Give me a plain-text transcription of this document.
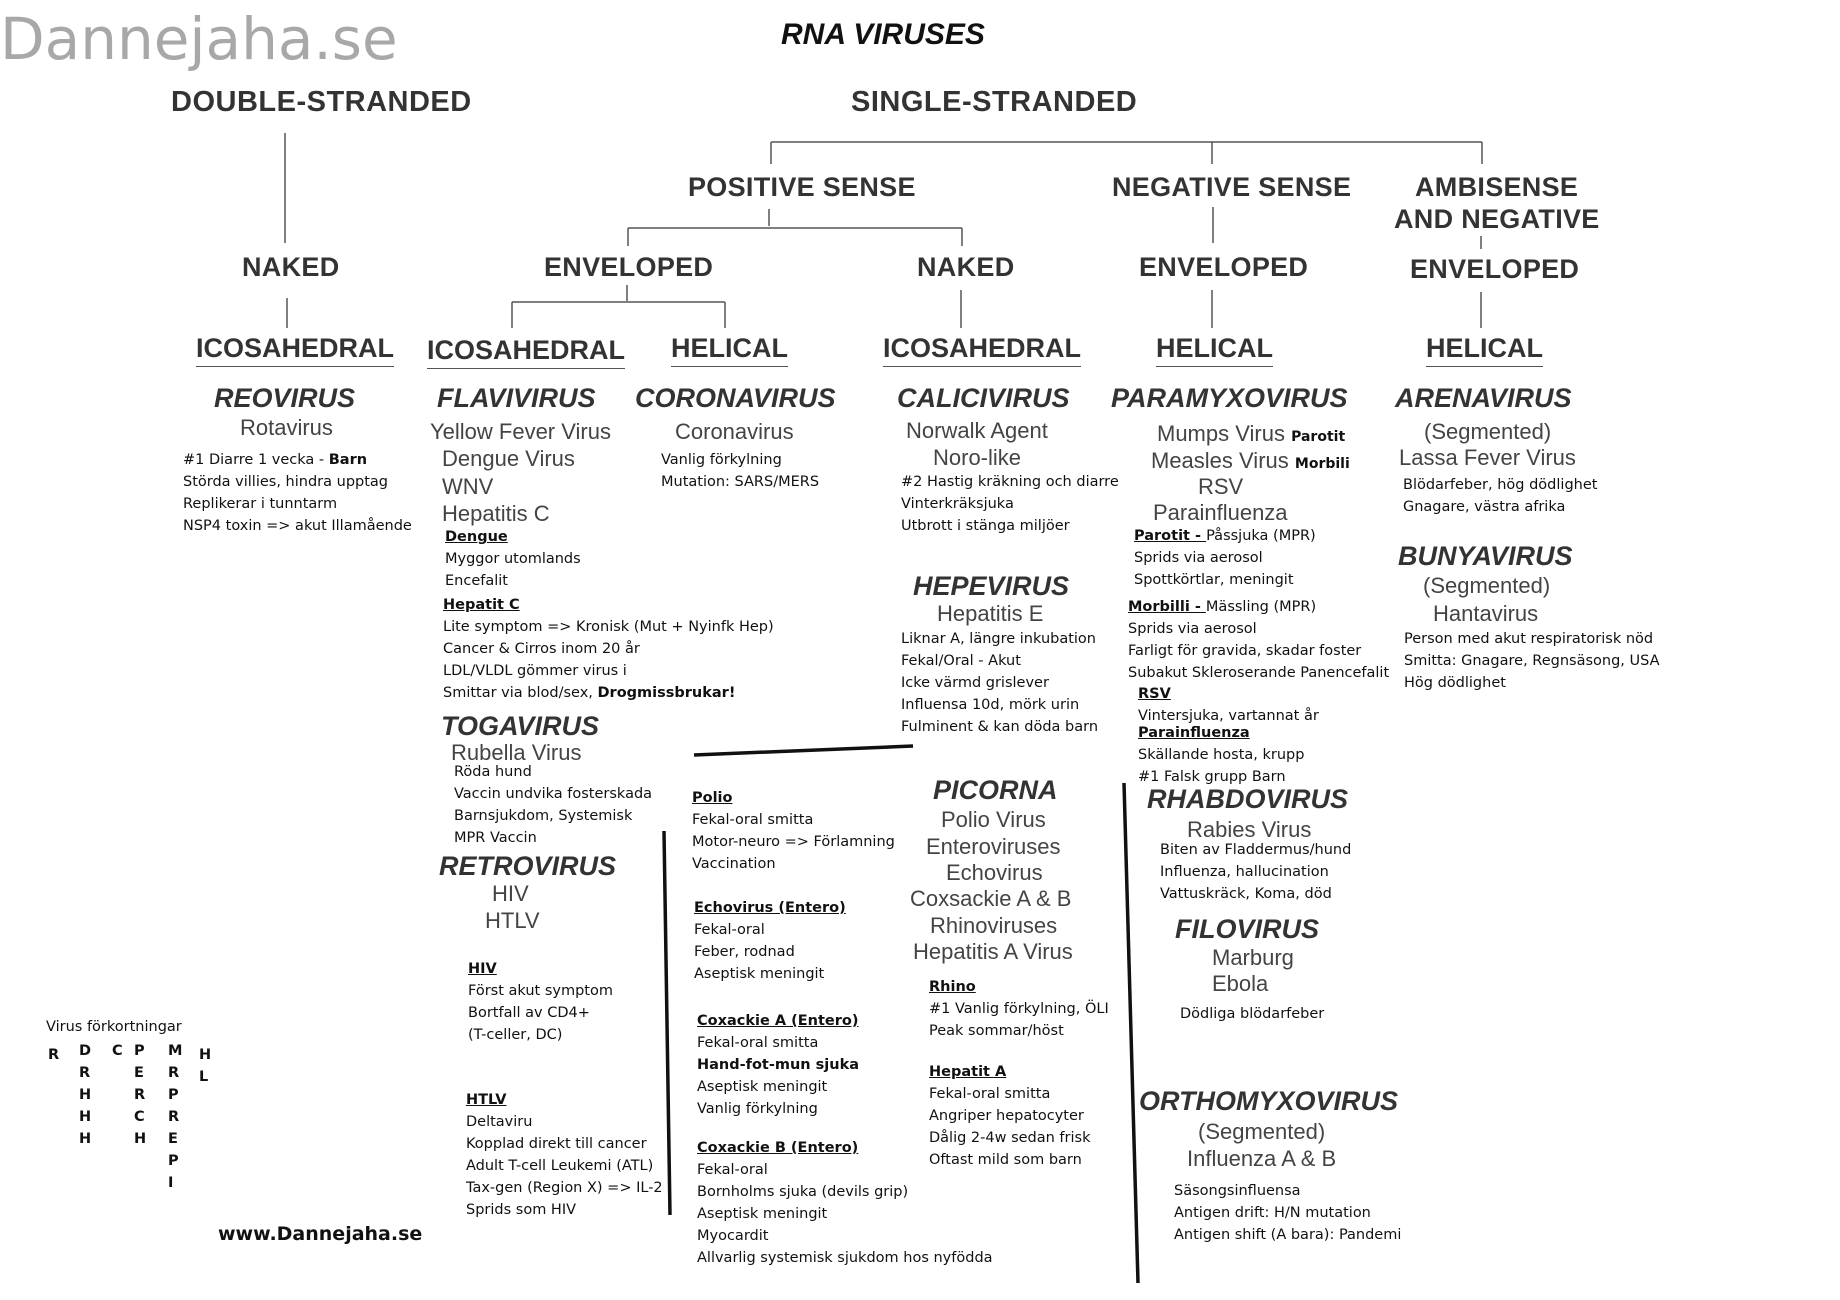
Dannejaha.se	RNA VIRUSES
DOUBLE-STRANDED	SINGLE-STRANDED
POSITIVE SENSE	NEGATIVE SENSE AMBISENSE
AND NEGATIVE
NAKED	ENVELOPED	NAKED	ENVELOPED	ENVELOPED
ICOSAHEDRAL ICOSAHEDRAL HELICAL	ICOSAHEDRAL	HELICAL	HELICAL
REOVIRUS
Rotavirus
#1 Diarre 1 vecka - Barn
Störda villies, hindra upptag
Replikerar i tunntarm
NSP4 toxin => akut Illamående
FLAVIVIRUS
Yellow Fever Virus
Dengue Virus
WNV
Hepatitis C
Dengue
Myggor utomlands
Encefalit
Hepatit C
Lite symptom => Kronisk (Mut + Nyinfk Hep)
Cancer & Cirros inom 20 år
LDL/VLDL gömmer virus i
Smittar via blod/sex, Drogmissbrukar!
CORONAVIRUS
Coronavirus
Vanlig förkylning
Mutation: SARS/MERS
TOGAVIRUS
Rubella Virus
Röda hund
Vaccin undvika fosterskada
Barnsjukdom, Systemisk
MPR Vaccin
RETROVIRUS
HIV
HTLV
HIV
Först akut symptom
Bortfall av CD4+
(T-celler, DC)
HTLV
Deltaviru
Kopplad direkt till cancer
Adult T-cell Leukemi (ATL)
Tax-gen (Region X) => IL-2
Sprids som HIV
CALICIVIRUS
Norwalk Agent
Noro-like
#2 Hastig kräkning och diarre
Vinterkräksjuka
Utbrott i stänga miljöer
HEPEVIRUS
Hepatitis E
Liknar A, längre inkubation
Fekal/Oral - Akut
Icke värmd grislever
Influensa 10d, mörk urin
Fulminent & kan döda barn
PICORNA
Polio Virus
Enteroviruses
Echovirus
Coxsackie A & B
Rhinoviruses
Hepatitis A Virus
Polio
Fekal-oral smitta
Motor-neuro => Förlamning
Vaccination
Echovirus (Entero)
Fekal-oral
Feber, rodnad
Aseptisk meningit
Coxackie A (Entero)
Fekal-oral smitta
Hand-fot-mun sjuka
Aseptisk meningit
Vanlig förkylning
Coxackie B (Entero)
Fekal-oral
Bornholms sjuka (devils grip)
Aseptisk meningit
Myocardit
Allvarlig systemisk sjukdom hos nyfödda
Rhino
#1 Vanlig förkylning, ÖLI
Peak sommar/höst
Hepatit A
Fekal-oral smitta
Angriper hepatocyter
Dålig 2-4w sedan frisk
Oftast mild som barn
PARAMYXOVIRUS
Mumps Virus Parotit
Measles Virus Morbili
RSV
Parainfluenza
Parotit - Påssjuka (MPR)
Sprids via aerosol
Spottkörtlar, meningit
Morbilli - Mässling (MPR)
Sprids via aerosol
Farligt för gravida, skadar foster
Subakut Skleroserande Panencefalit
RSV
Vintersjuka, vartannat år
Parainfluenza
Skällande hosta, krupp
#1 Falsk grupp Barn
RHABDOVIRUS
Rabies Virus
Biten av Fladdermus/hund
Influenza, hallucination
Vattuskräck, Koma, död
FILOVIRUS
Marburg
Ebola
Dödliga blödarfeber
ORTHOMYXOVIRUS
(Segmented)
Influenza A & B
Säsongsinfluensa
Antigen drift: H/N mutation
Antigen shift (A bara): Pandemi
ARENAVIRUS
(Segmented)
Lassa Fever Virus
Blödarfeber, hög dödlighet
Gnagare, västra afrika
BUNYAVIRUS
(Segmented)
Hantavirus
Person med akut respiratorisk nöd
Smitta: Gnagare, Regnsäsong, USA
Hög dödlighet
Virus förkortningar
R D
R
H
H
H
C P
E
R
C
H
M
R
P
R
E
P
I
H
L
www.Dannejaha.se
